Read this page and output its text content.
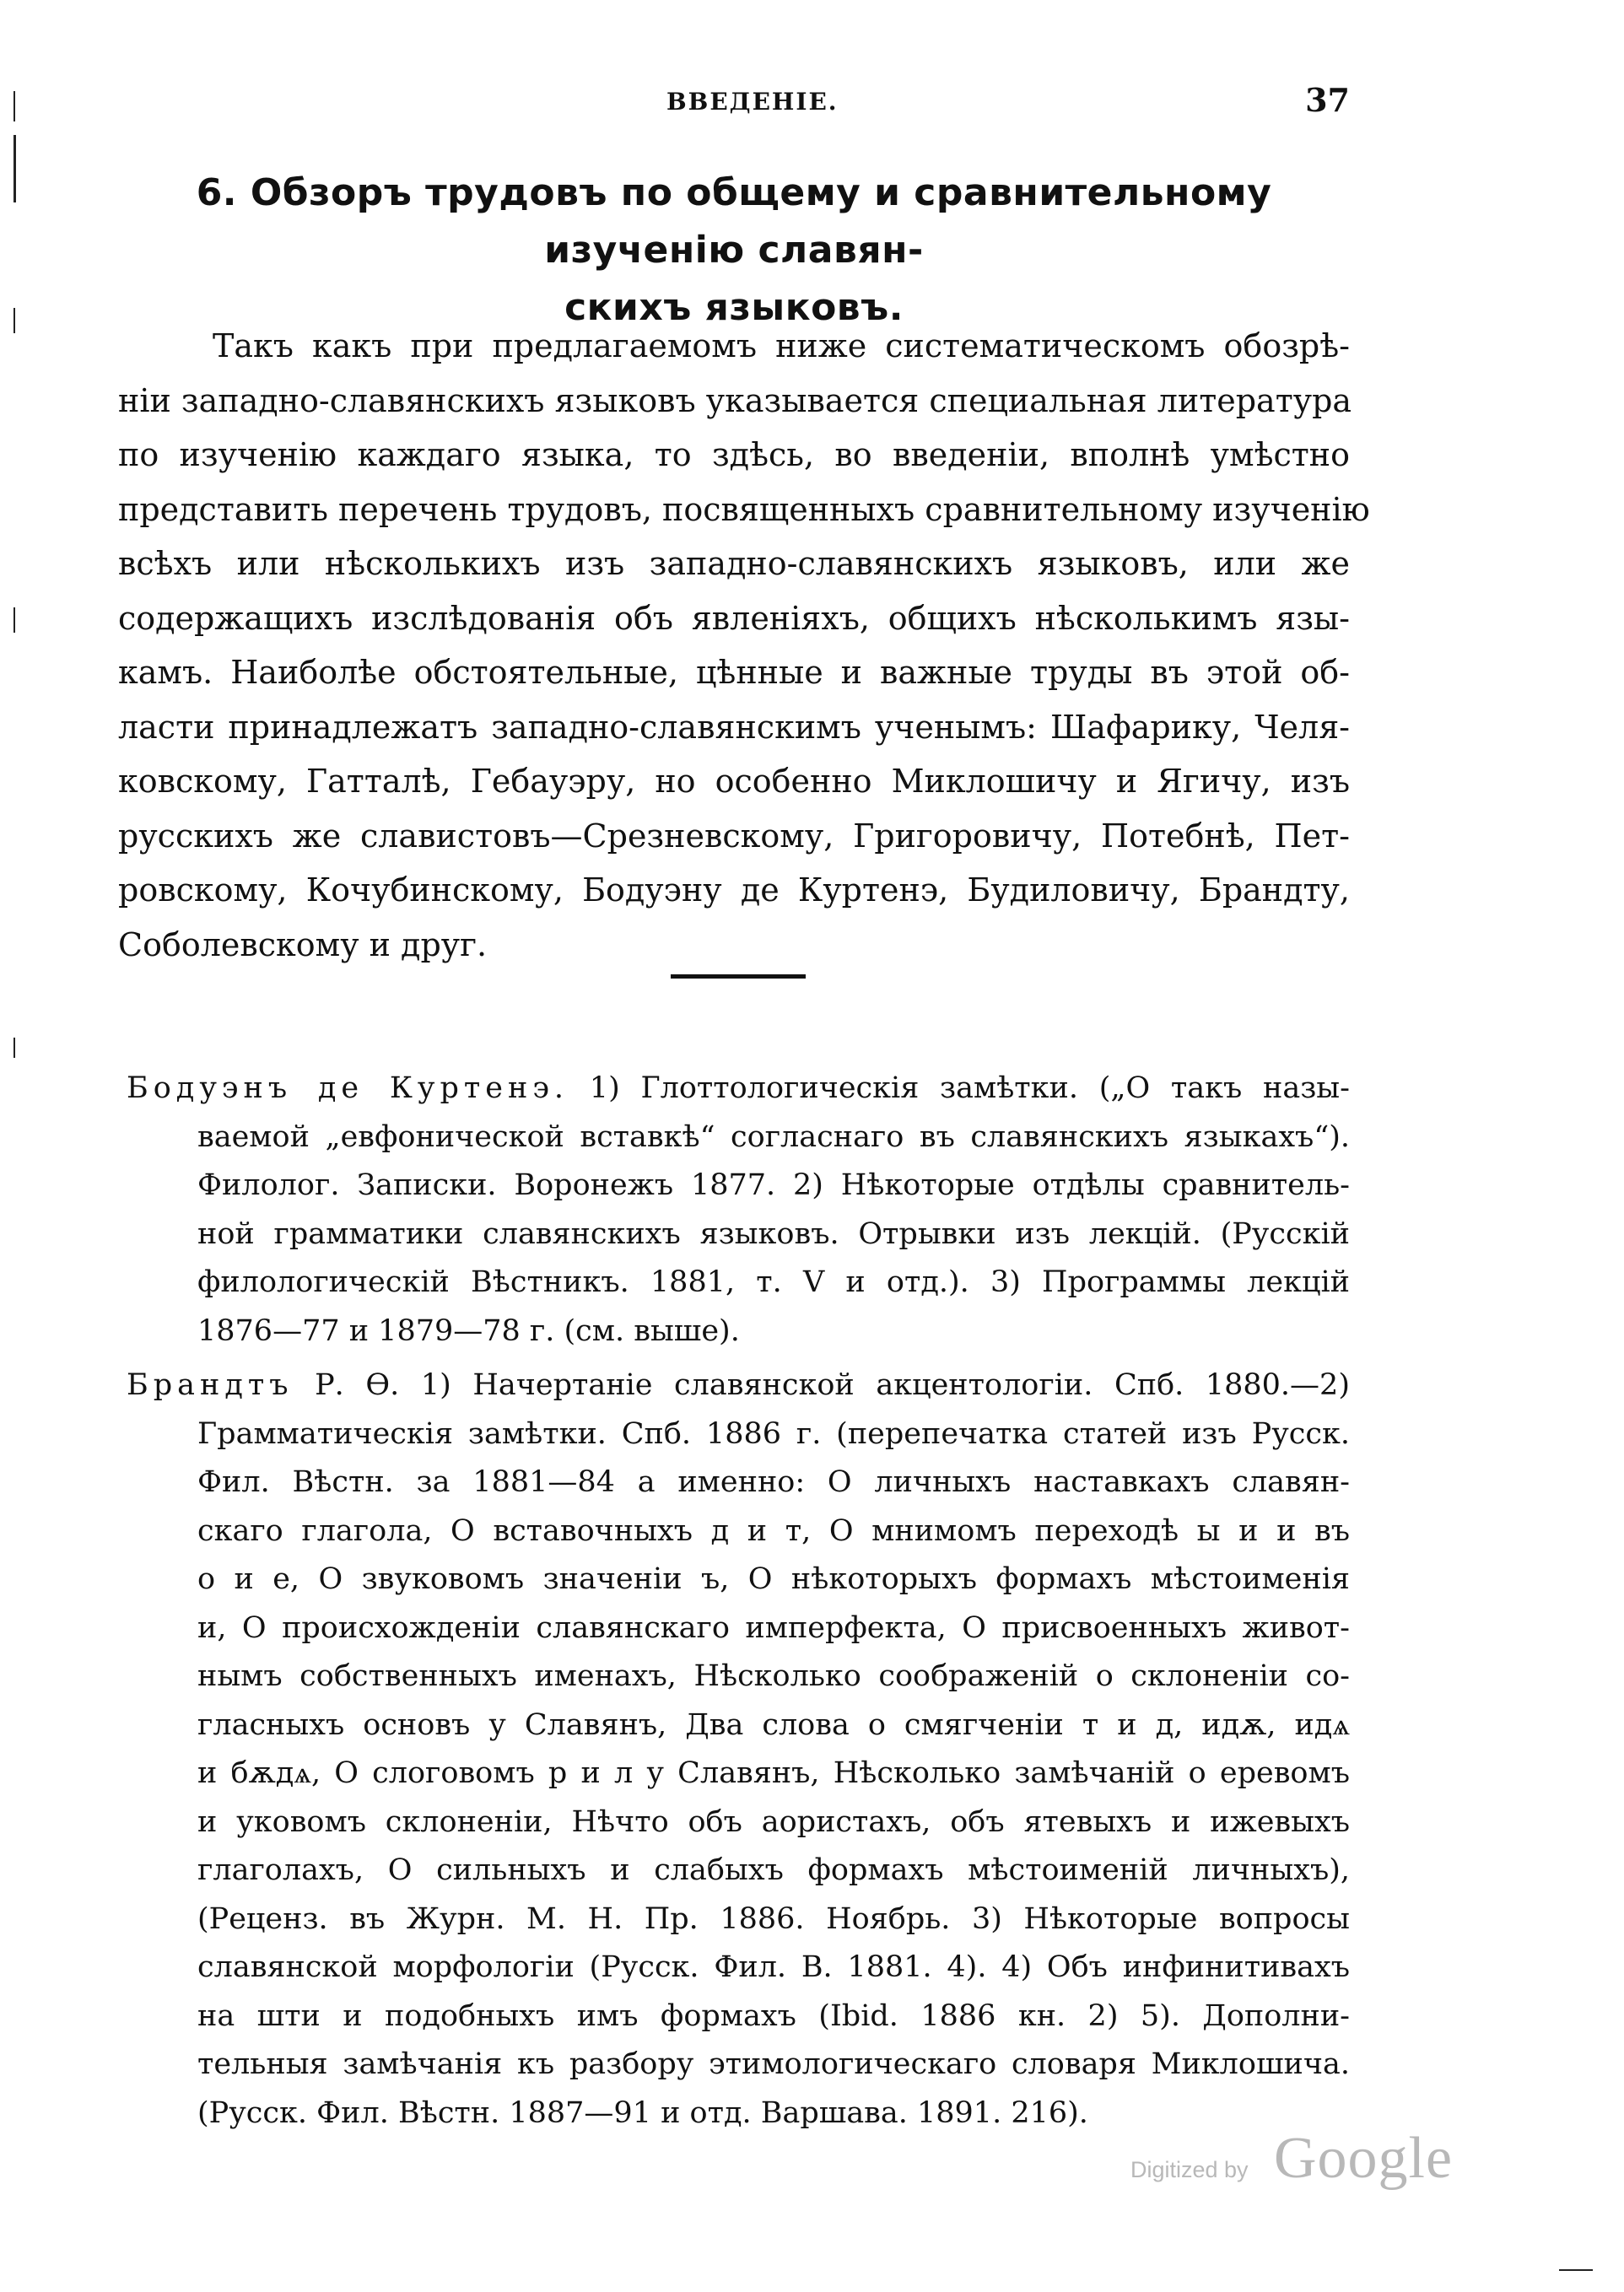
ВВЕДЕНІЕ.	37
6. Обзоръ трудовъ по общему и сравнительному изученію славян-
скихъ языковъ.
Такъ какъ при предлагаемомъ ниже систематическомъ обозрѣ-
ніи западно-славянскихъ языковъ указывается специальная литература
по изученію каждаго языка, то здѣсь, во введеніи, вполнѣ умѣстно
представить перечень трудовъ, посвященныхъ сравнительному изученію
всѣхъ или нѣсколькихъ изъ западно-славянскихъ языковъ, или же
содержащихъ изслѣдованія объ явленіяхъ, общихъ нѣсколькимъ язы-
камъ. Наиболѣе обстоятельные, цѣнные и важные труды въ этой об-
ласти принадлежатъ западно-славянскимъ ученымъ: Шафарику, Челя-
ковскому, Гатталѣ, Гебауэру, но особенно Миклошичу и Ягичу, изъ
русскихъ же славистовъ—Срезневскому, Григоровичу, Потебнѣ, Пет-
ровскому, Кочубинскому, Бодуэну де Куртенэ, Будиловичу, Брандту,
Соболевскому и друг.
Бодуэнъ де Куртенэ. 1) Глоттологическія замѣтки. („О такъ назы-
ваемой „евфонической вставкѣ“ согласнаго въ славянскихъ языкахъ“).
Филолог. Записки. Воронежъ 1877. 2) Нѣкоторые отдѣлы сравнитель-
ной грамматики славянскихъ языковъ. Отрывки изъ лекцій. (Русскій
филологическій Вѣстникъ. 1881, т. V и отд.). 3) Программы лекцій
1876—77 и 1879—78 г. (см. выше).
Брандтъ Р. Ѳ. 1) Начертаніе славянской акцентологіи. Спб. 1880.—2)
Грамматическія замѣтки. Спб. 1886 г. (перепечатка статей изъ Русск.
Фил. Вѣстн. за 1881—84 а именно: О личныхъ наставкахъ славян-
скаго глагола, О вставочныхъ д и т, О мнимомъ переходѣ ы и и въ
о и е, О звуковомъ значеніи ъ, О нѣкоторыхъ формахъ мѣстоименія
и, О происхожденіи славянскаго имперфекта, О присвоенныхъ живот-
нымъ собственныхъ именахъ, Нѣсколько соображеній о склоненіи со-
гласныхъ основъ у Славянъ, Два слова о смягченіи т и д, идѫ, идѧ
и бѫдѧ, О слоговомъ р и л у Славянъ, Нѣсколько замѣчаній о еревомъ
и уковомъ склоненіи, Нѣчто объ аористахъ, объ ятевыхъ и ижевыхъ
глаголахъ, О сильныхъ и слабыхъ формахъ мѣстоименій личныхъ),
(Реценз. въ Журн. М. Н. Пр. 1886. Ноябрь. 3) Нѣкоторые вопросы
славянской морфологіи (Русск. Фил. В. 1881. 4). 4) Объ инфинитивахъ
на шти и подобныхъ имъ формахъ (Ibid. 1886 кн. 2) 5). Дополни-
тельныя замѣчанія къ разбору этимологическаго словаря Миклошича.
(Русск. Фил. Вѣстн. 1887—91 и отд. Варшава. 1891. 216).
Digitized by Google
